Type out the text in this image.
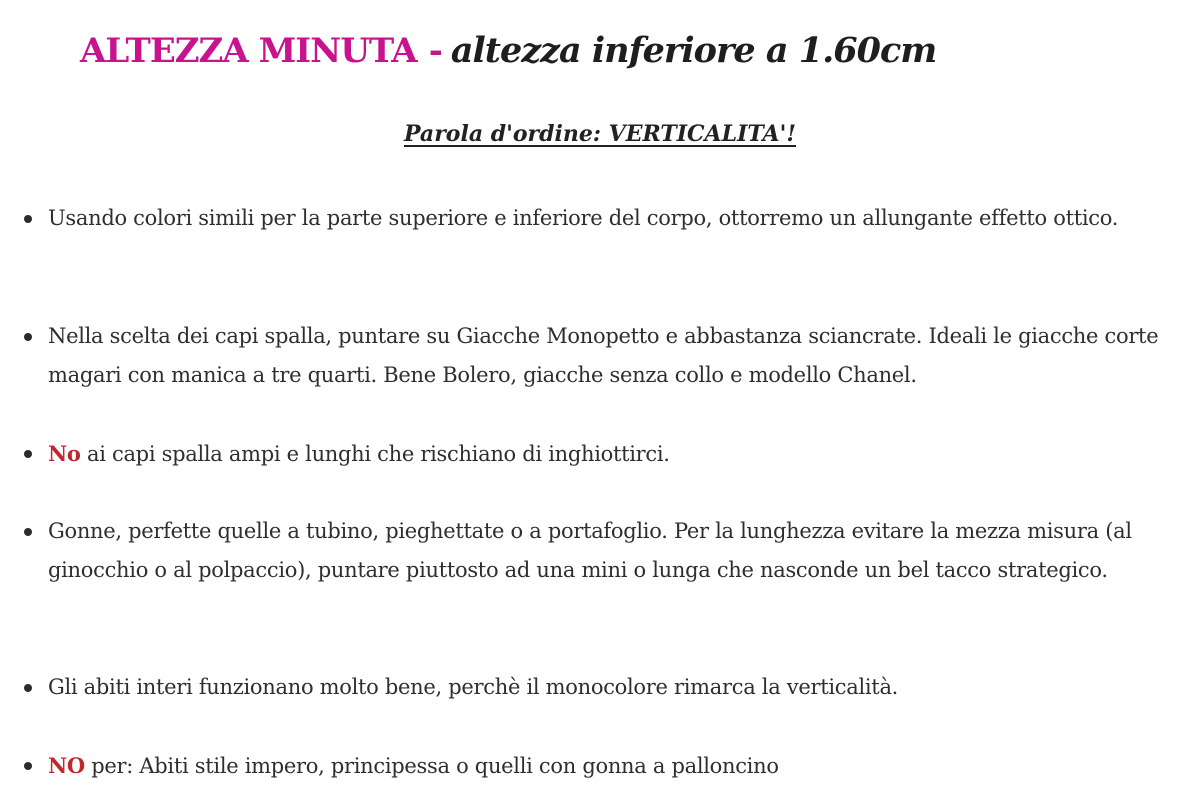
ALTEZZA MINUTA - altezza inferiore a 1.60cm

Parola d'ordine: VERTICALITA'!

Usando colori simili per la parte superiore e inferiore del corpo, ottorremo un allungante effetto ottico.
Nella scelta dei capi spalla, puntare su Giacche Monopetto e abbastanza sciancrate. Ideali le giacche corte magari con manica a tre quarti. Bene Bolero, giacche senza collo e modello Chanel.
No ai capi spalla ampi e lunghi che rischiano di inghiottirci.
Gonne, perfette quelle a tubino, pieghettate o a portafoglio. Per la lunghezza evitare la mezza misura (al ginocchio o al polpaccio), puntare piuttosto ad una mini o lunga che nasconde un bel tacco strategico.
Gli abiti interi funzionano molto bene, perchè il monocolore rimarca la verticalità.
NO per: Abiti stile impero, principessa o quelli con gonna a palloncino
